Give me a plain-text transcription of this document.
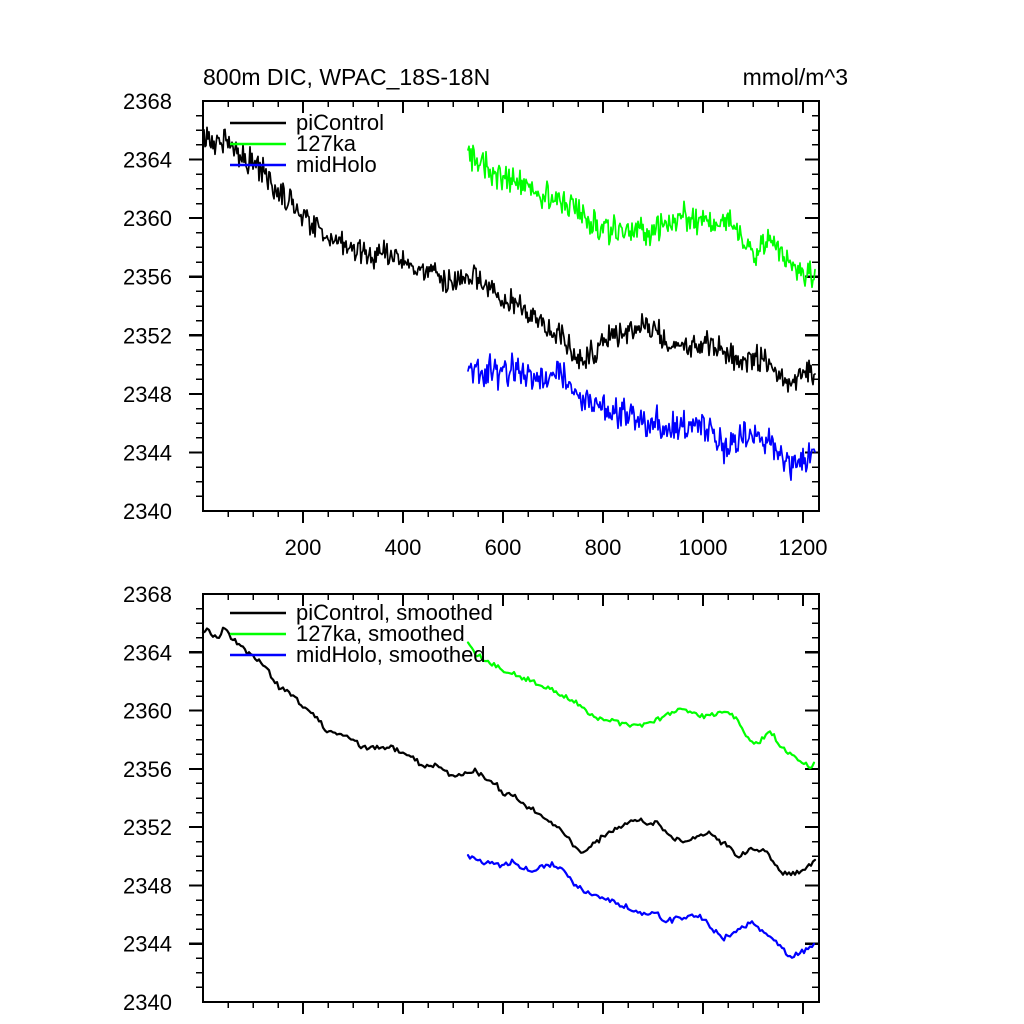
2340
2344
2348
2352
2356
2360
2364
2368
200	400	600	800	1000 1200
2340
2344
2348
2352
2356
2360
2364
2368
800m DIC, WPAC_18S-18N	mmol/m^3
piControl
127ka
midHolo
piControl, smoothed
127ka, smoothed
midHolo, smoothed
